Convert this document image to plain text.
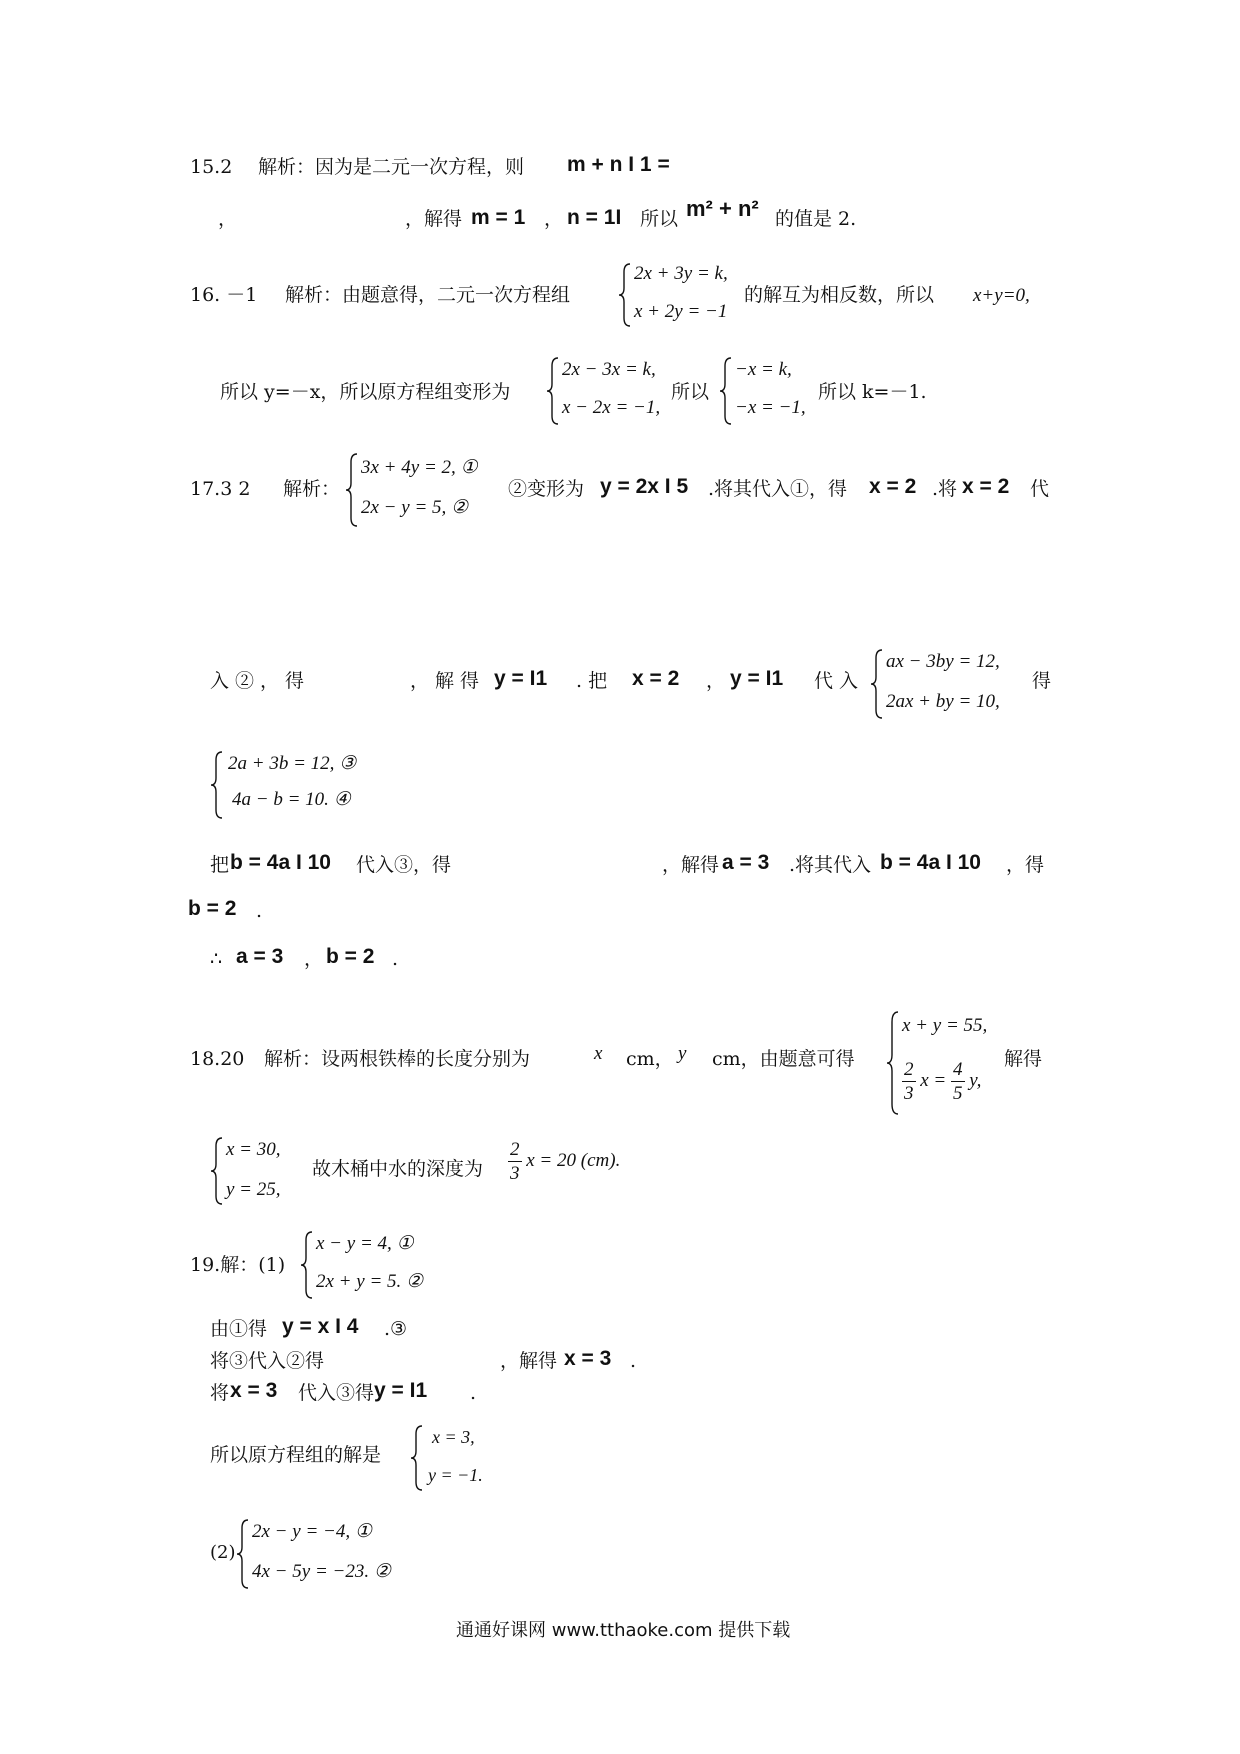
15.2 解析：因为是二元一次方程，则 m + n I 1 =
，	，解得 m = 1 ， n = 1I 所以 m² + n² 的值是 2.
16. －1 解析：由题意得，二元一次方程组
2x + 3y = k,
x + 2y = −1
的解互为相反数，所以 x+y=0,
所以 y=－x，所以原方程组变形为
2x − 3x = k,
x − 2x = −1,
所以
−x = k,
−x = −1,
所以 k=－1.
17.3 2 解析：
3x + 4y = 2, ①
2x − y = 5, ②
②变形为 y = 2x I 5 .将其代入①，得 x = 2 .将 x = 2 代
入②，得	，解得 y = I1 . 把 x = 2 ， y = I1 代入
ax − 3by = 12,
2ax + by = 10,
得
2a + 3b = 12, ③
4a − b = 10. ④
把 b = 4a I 10 代入③，得	，解得 a = 3 .将其代入 b = 4a I 10 ，得
b = 2 .
∴ a = 3 ， b = 2 .
18.20 解析：设两根铁棒的长度分别为	x cm， y cm，由题意可得
x + y = 55,
$\frac{2}{3}$ $x = \frac{4}{5} y$,
解得
x = 30,
y = 25,
故木桶中水的深度为 $\frac{2}{3}$ x = 20 (cm).
19.解：(1)
x − y = 4, ①
2x + y = 5. ②
由①得 y = x I 4 .③
将③代入②得	，解得 x = 3 .
将 x = 3 代入③得 y = I1 .
所以原方程组的解是
x = 3,
y = −1.
(2)
2x − y = −4, ①
4x − 5y = −23. ②
通通好课网 www.tthaoke.com 提供下载
